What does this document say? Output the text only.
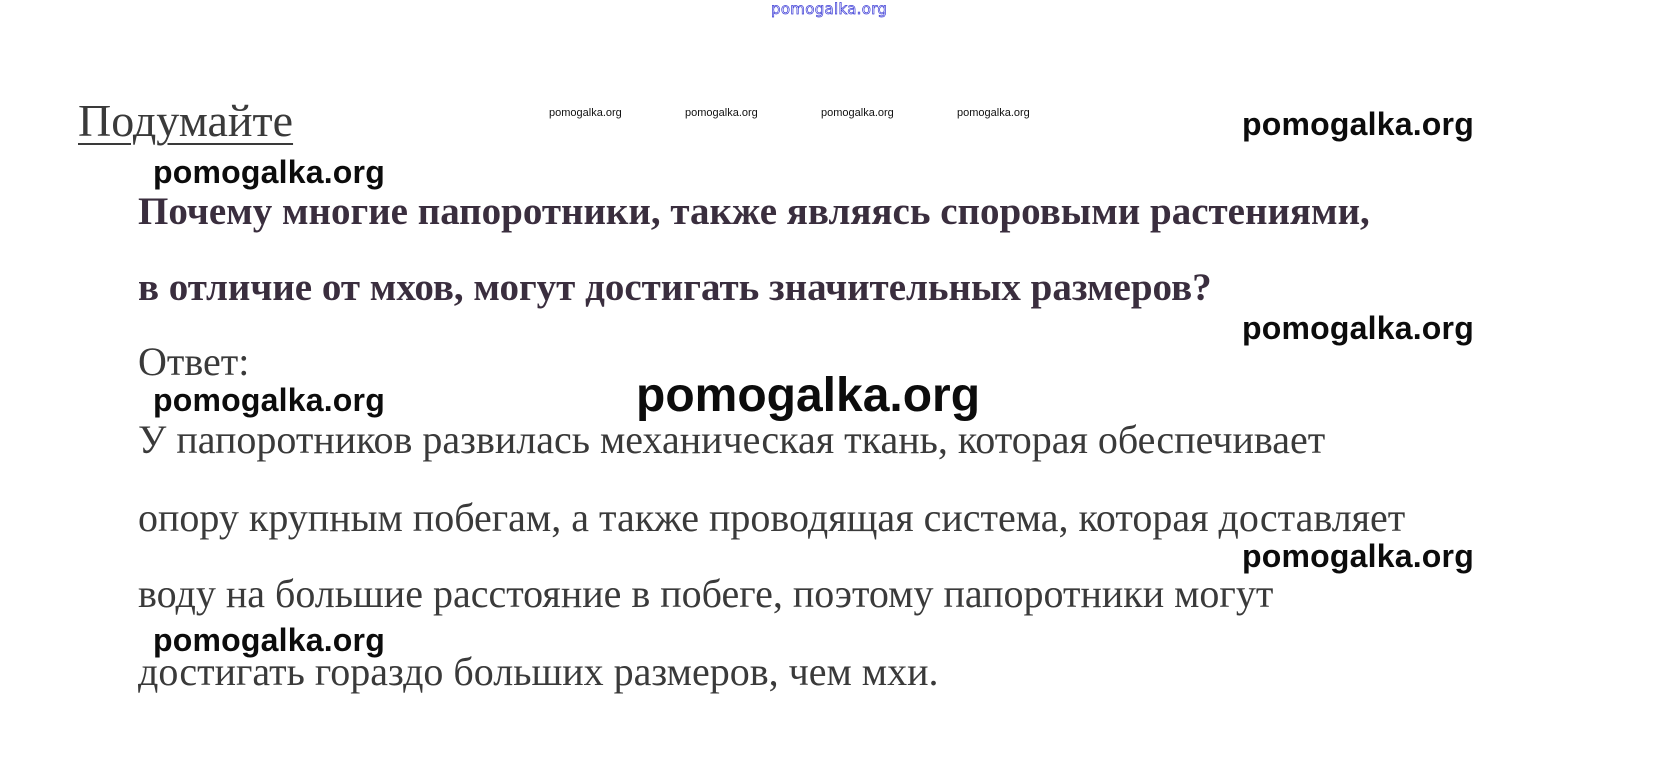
pomogalka.org
Подумайте	pomogalka.org	pomogalka.org	pomogalka.org	pomogalka.org	pomogalka.org
pomogalka.org
pomogalka.org
pomogalka.org
pomogalka.org
pomogalka.org
pomogalka.org
Почему многие папоротники, также являясь споровыми растениями,
в отличие от мхов, могут достигать значительных размеров?
Ответ:
У папоротников развилась механическая ткань, которая обеспечивает
опору крупным побегам, а также проводящая система, которая доставляет
воду на большие расстояние в побеге, поэтому папоротники могут
достигать гораздо больших размеров, чем мхи.
